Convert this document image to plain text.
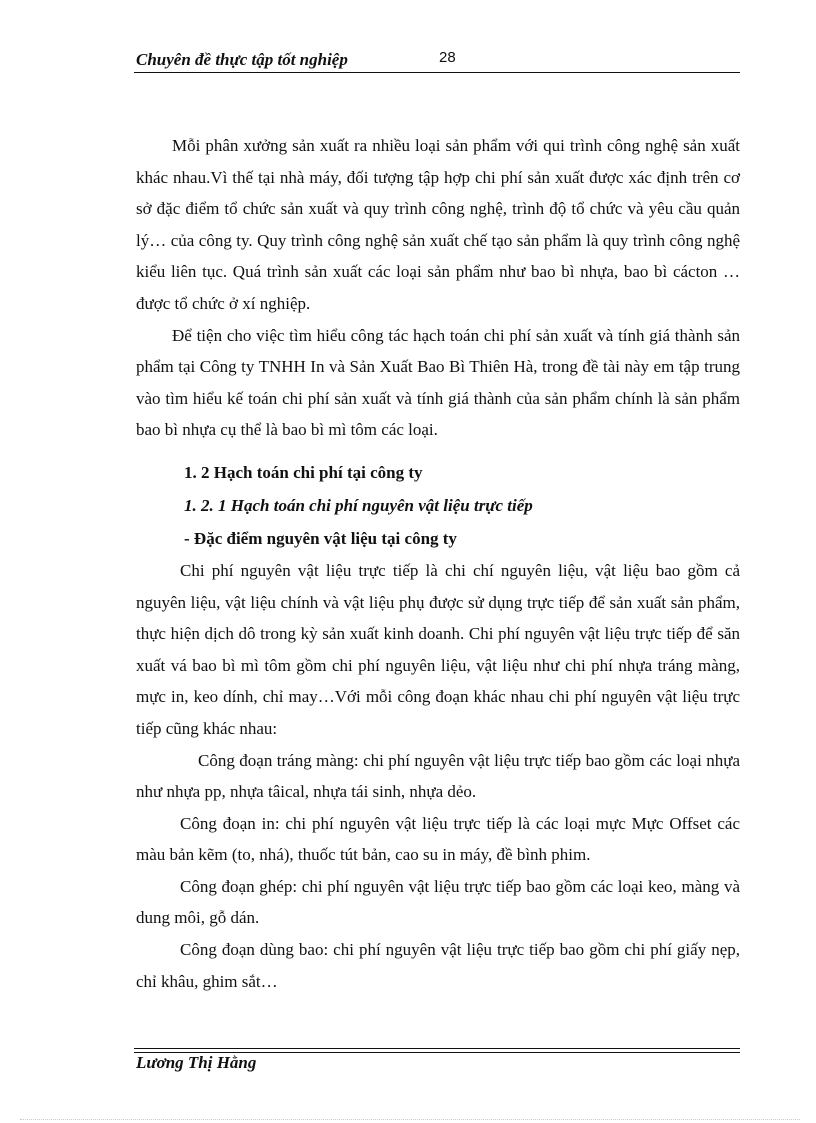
Chuyên đề thực tập tốt nghiệp	28

Mỗi phân xưởng sản xuất ra nhiều loại sản phẩm với qui trình công nghệ sản xuất khác nhau.Vì thế tại nhà máy, đối tượng tập hợp chi phí sản xuất được xác định trên cơ sở đặc điểm tổ chức sản xuất và quy trình công nghệ, trình độ tổ chức và yêu cầu quản lý… của công ty. Quy trình công nghệ sản xuất chế tạo sản phẩm là quy trình công nghệ kiểu liên tục. Quá trình sản xuất các loại sản phẩm như bao bì nhựa, bao bì cácton …được tổ chức ở xí nghiệp.

Để tiện cho việc tìm hiểu công tác hạch toán chi phí sản xuất và tính giá thành sản phẩm tại Công ty TNHH In và Sản Xuất Bao Bì Thiên Hà, trong đề tài này em tập trung vào tìm hiểu kế toán chi phí sản xuất và tính giá thành của sản phẩm chính là sản phẩm bao bì nhựa cụ thể là bao bì mì tôm các loại.

1. 2 Hạch toán chi phí tại công ty

1. 2. 1 Hạch toán chi phí nguyên vật liệu trực tiếp

- Đặc điểm nguyên vật liệu tại công ty

Chi phí nguyên vật liệu trực tiếp là chi chí nguyên liệu, vật liệu bao gồm cả nguyên liệu, vật liệu chính và vật liệu phụ được sử dụng trực tiếp để sản xuất sản phẩm, thực hiện dịch dô trong kỳ sản xuất kinh doanh. Chi phí nguyên vật liệu trực tiếp để săn xuất vá bao bì mì tôm gồm chi phí nguyên liệu, vật liệu như chi phí nhựa tráng màng, mực in, keo dính, chỉ may…Với mỗi công đoạn khác nhau chi phí nguyên vật liệu trực tiếp cũng khác nhau:

Công đoạn tráng màng: chi phí nguyên vật liệu trực tiếp bao gồm các loại nhựa như nhựa pp, nhựa tâical, nhựa tái sinh, nhựa dẻo.

Công đoạn in: chi phí nguyên vật liệu trực tiếp là các loại mực Mực Offset các màu bản kẽm (to, nhá), thuốc tút bản, cao su in máy, đề bình phim.

Công đoạn ghép: chi phí nguyên vật liệu trực tiếp bao gồm các loại keo, màng và dung môi, gỗ dán.

Công đoạn dùng bao: chi phí nguyên vật liệu trực tiếp bao gồm chi phí giấy nẹp, chỉ khâu, ghim sắt…

Lương Thị Hằng
